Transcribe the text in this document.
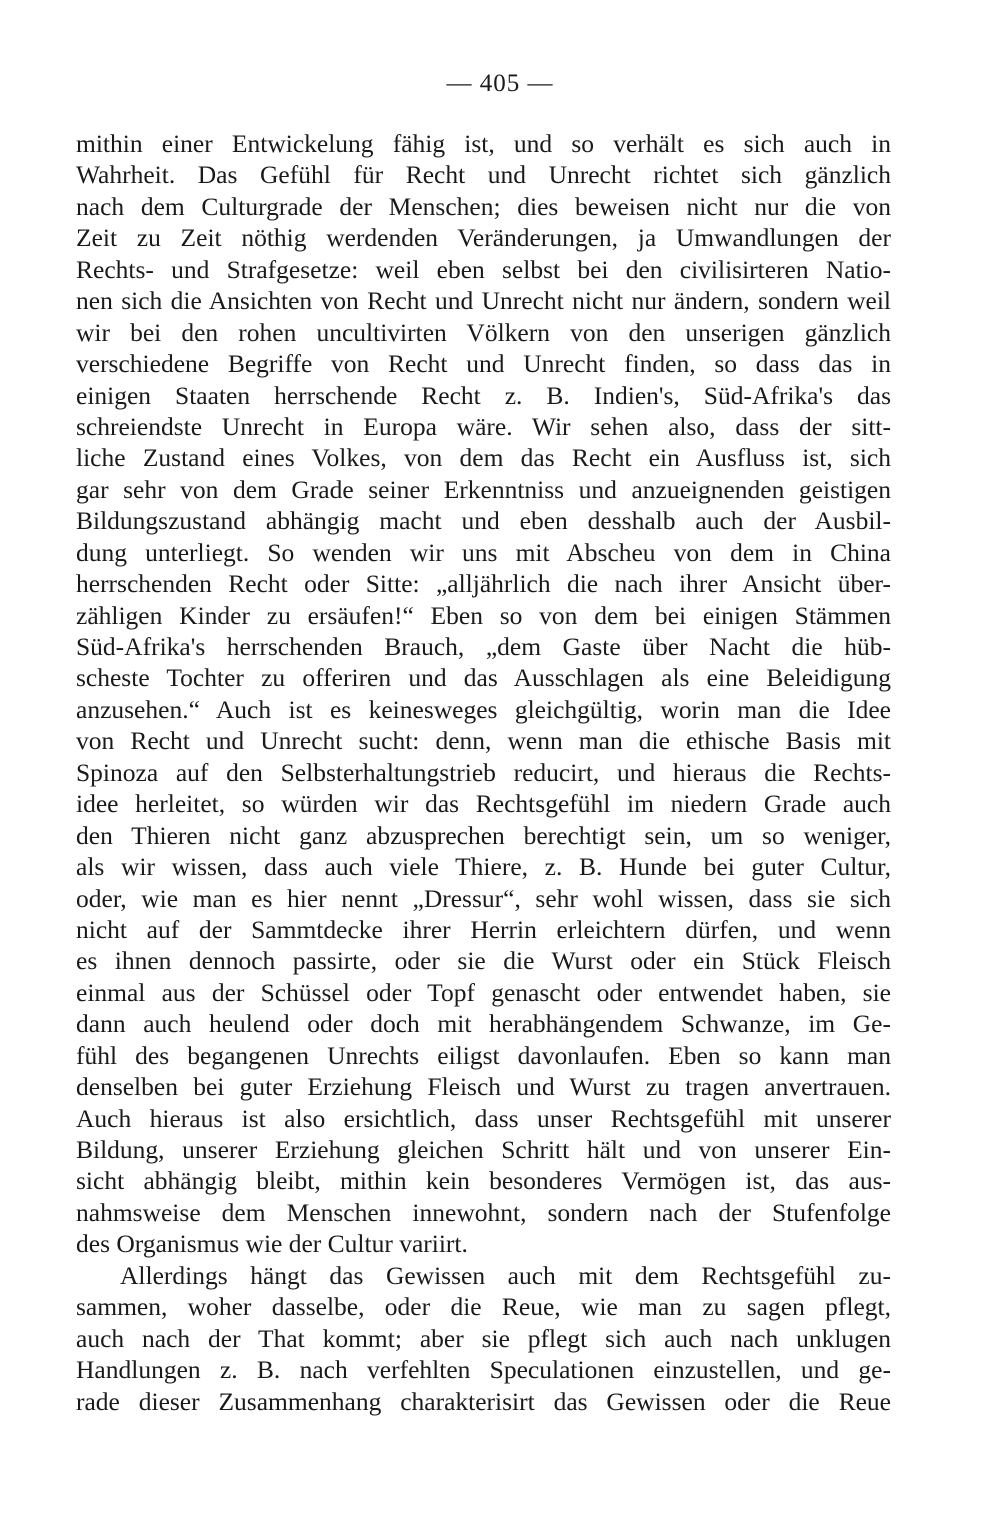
— 405 —
mithin einer Entwickelung fähig ist, und so verhält es sich auch in
Wahrheit. Das Gefühl für Recht und Unrecht richtet sich gänzlich
nach dem Culturgrade der Menschen; dies beweisen nicht nur die von
Zeit zu Zeit nöthig werdenden Veränderungen, ja Umwandlungen der
Rechts- und Strafgesetze: weil eben selbst bei den civilisirteren Natio-
nen sich die Ansichten von Recht und Unrecht nicht nur ändern, sondern weil
wir bei den rohen uncultivirten Völkern von den unserigen gänzlich
verschiedene Begriffe von Recht und Unrecht finden, so dass das in
einigen Staaten herrschende Recht z. B. Indien's, Süd-Afrika's das
schreiendste Unrecht in Europa wäre. Wir sehen also, dass der sitt-
liche Zustand eines Volkes, von dem das Recht ein Ausfluss ist, sich
gar sehr von dem Grade seiner Erkenntniss und anzueignenden geistigen
Bildungszustand abhängig macht und eben desshalb auch der Ausbil-
dung unterliegt. So wenden wir uns mit Abscheu von dem in China
herrschenden Recht oder Sitte: „alljährlich die nach ihrer Ansicht über-
zähligen Kinder zu ersäufen!“ Eben so von dem bei einigen Stämmen
Süd-Afrika's herrschenden Brauch, „dem Gaste über Nacht die hüb-
scheste Tochter zu offeriren und das Ausschlagen als eine Beleidigung
anzusehen.“ Auch ist es keinesweges gleichgültig, worin man die Idee
von Recht und Unrecht sucht: denn, wenn man die ethische Basis mit
Spinoza auf den Selbsterhaltungstrieb reducirt, und hieraus die Rechts-
idee herleitet, so würden wir das Rechtsgefühl im niedern Grade auch
den Thieren nicht ganz abzusprechen berechtigt sein, um so weniger,
als wir wissen, dass auch viele Thiere, z. B. Hunde bei guter Cultur,
oder, wie man es hier nennt „Dressur“, sehr wohl wissen, dass sie sich
nicht auf der Sammtdecke ihrer Herrin erleichtern dürfen, und wenn
es ihnen dennoch passirte, oder sie die Wurst oder ein Stück Fleisch
einmal aus der Schüssel oder Topf genascht oder entwendet haben, sie
dann auch heulend oder doch mit herabhängendem Schwanze, im Ge-
fühl des begangenen Unrechts eiligst davonlaufen. Eben so kann man
denselben bei guter Erziehung Fleisch und Wurst zu tragen anvertrauen.
Auch hieraus ist also ersichtlich, dass unser Rechtsgefühl mit unserer
Bildung, unserer Erziehung gleichen Schritt hält und von unserer Ein-
sicht abhängig bleibt, mithin kein besonderes Vermögen ist, das aus-
nahmsweise dem Menschen innewohnt, sondern nach der Stufenfolge
des Organismus wie der Cultur variirt.
Allerdings hängt das Gewissen auch mit dem Rechtsgefühl zu-
sammen, woher dasselbe, oder die Reue, wie man zu sagen pflegt,
auch nach der That kommt; aber sie pflegt sich auch nach unklugen
Handlungen z. B. nach verfehlten Speculationen einzustellen, und ge-
rade dieser Zusammenhang charakterisirt das Gewissen oder die Reue
